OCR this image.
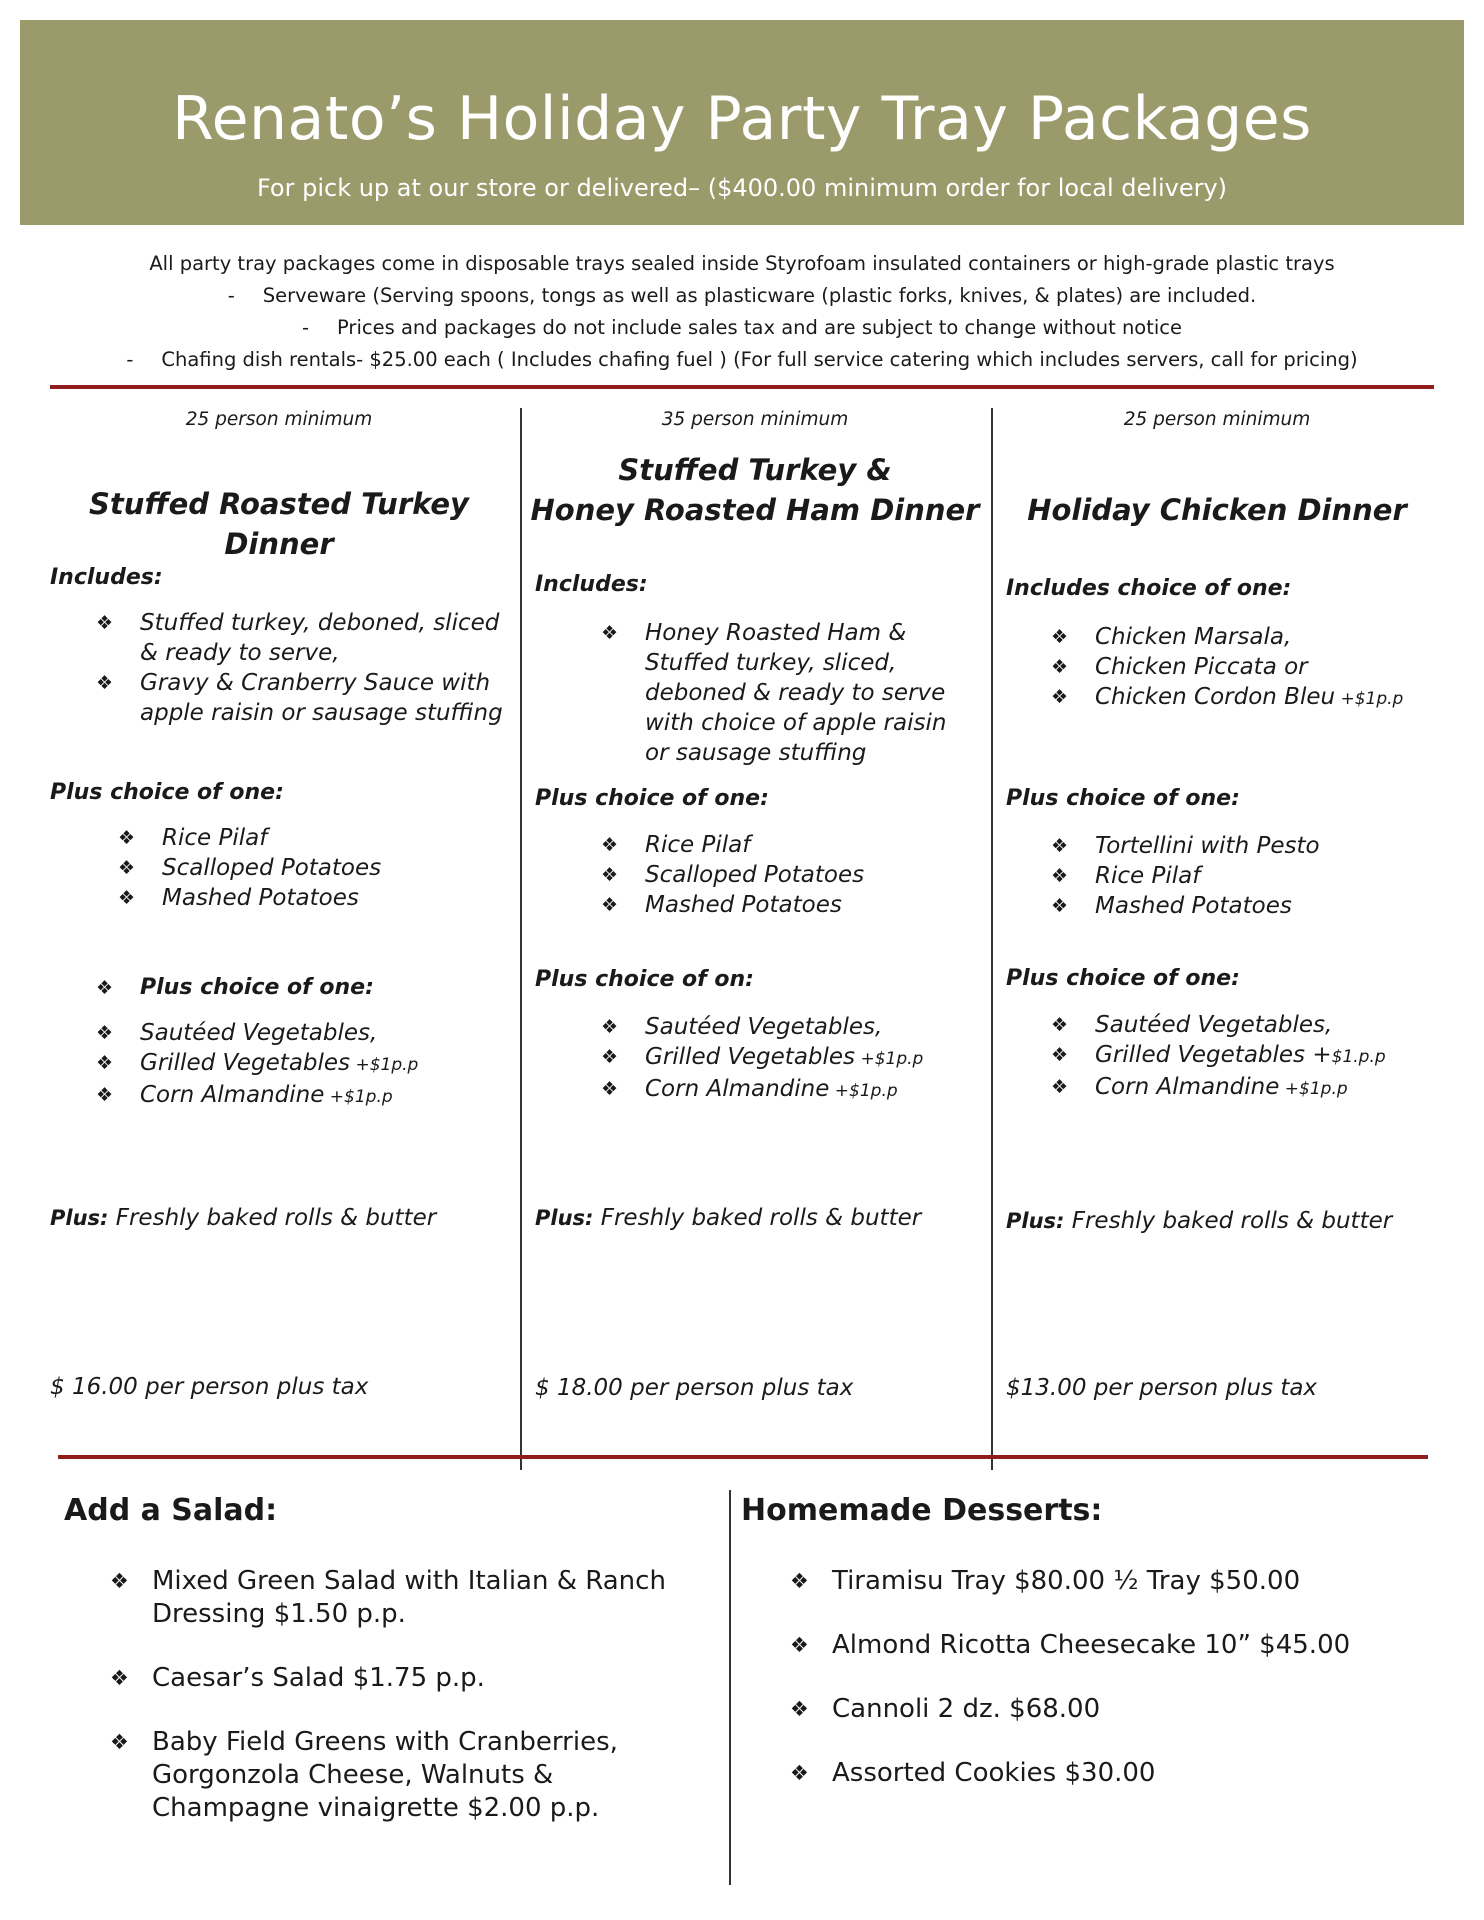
Renato’s Holiday Party Tray Packages
For pick up at our store or delivered– ($400.00 minimum order for local delivery)
All party tray packages come in disposable trays sealed inside Styrofoam insulated containers or high-grade plastic trays
- Serveware (Serving spoons, tongs as well as plasticware (plastic forks, knives, & plates) are included.
- Prices and packages do not include sales tax and are subject to change without notice
- Chafing dish rentals- $25.00 each ( Includes chafing fuel ) (For full service catering which includes servers, call for pricing)
25 person minimum
Stuffed Roasted Turkey Dinner
Includes:
❖ Stuffed turkey, deboned, sliced & ready to serve,
❖ Gravy & Cranberry Sauce with apple raisin or sausage stuffing
Plus choice of one:
❖ Rice Pilaf
❖ Scalloped Potatoes
❖ Mashed Potatoes
❖ Plus choice of one:
❖ Sautéed Vegetables,
❖ Grilled Vegetables +$1p.p
❖ Corn Almandine +$1p.p
Plus: Freshly baked rolls & butter
$ 16.00 per person plus tax
35 person minimum
Stuffed Turkey &
Honey Roasted Ham Dinner
Includes:
❖ Honey Roasted Ham & Stuffed turkey, sliced, deboned & ready to serve with choice of apple raisin or sausage stuffing
Plus choice of one:
❖ Rice Pilaf
❖ Scalloped Potatoes
❖ Mashed Potatoes
Plus choice of on:
❖ Sautéed Vegetables,
❖ Grilled Vegetables +$1p.p
❖ Corn Almandine +$1p.p
Plus: Freshly baked rolls & butter
$ 18.00 per person plus tax
25 person minimum
Holiday Chicken Dinner
Includes choice of one:
❖ Chicken Marsala,
❖ Chicken Piccata or
❖ Chicken Cordon Bleu +$1p.p
Plus choice of one:
❖ Tortellini with Pesto
❖ Rice Pilaf
❖ Mashed Potatoes
Plus choice of one:
❖ Sautéed Vegetables,
❖ Grilled Vegetables +$1.p.p
❖ Corn Almandine +$1p.p
Plus: Freshly baked rolls & butter
$13.00 per person plus tax
Add a Salad:
❖ Mixed Green Salad with Italian & Ranch Dressing $1.50 p.p.
❖ Caesar’s Salad $1.75 p.p.
❖ Baby Field Greens with Cranberries, Gorgonzola Cheese, Walnuts & Champagne vinaigrette $2.00 p.p.
Homemade Desserts:
❖ Tiramisu Tray $80.00 ½ Tray $50.00
❖ Almond Ricotta Cheesecake 10” $45.00
❖ Cannoli 2 dz. $68.00
❖ Assorted Cookies $30.00
